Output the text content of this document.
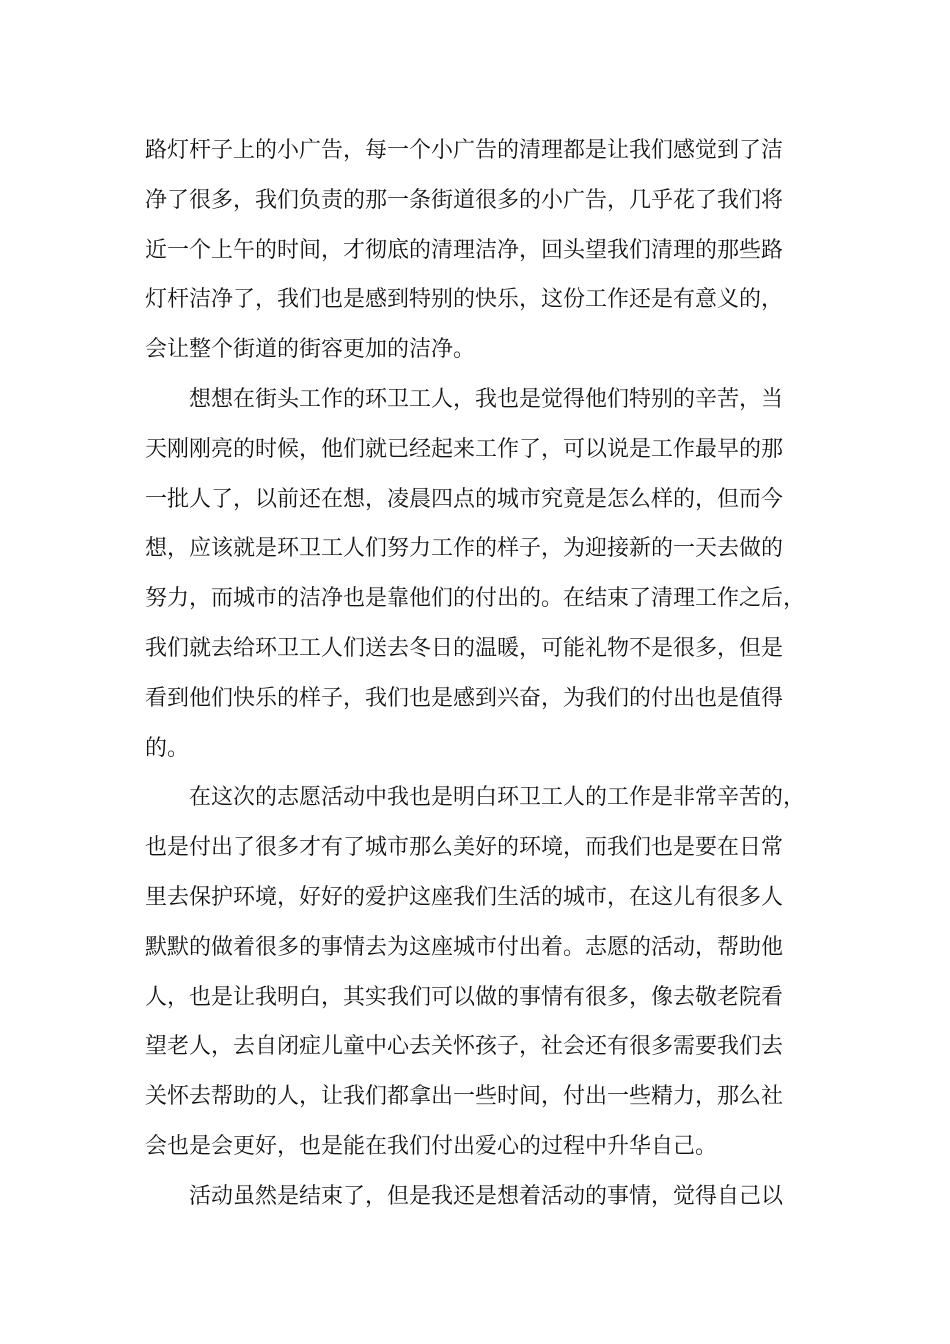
路灯杆子上的小广告，每一个小广告的清理都是让我们感觉到了洁
净了很多，我们负责的那一条街道很多的小广告，几乎花了我们将
近一个上午的时间，才彻底的清理洁净，回头望我们清理的那些路
灯杆洁净了，我们也是感到特别的快乐，这份工作还是有意义的，
会让整个街道的街容更加的洁净。
想想在街头工作的环卫工人，我也是觉得他们特别的辛苦，当
天刚刚亮的时候，他们就已经起来工作了，可以说是工作最早的那
一批人了，以前还在想，凌晨四点的城市究竟是怎么样的，但而今
想，应该就是环卫工人们努力工作的样子，为迎接新的一天去做的
努力，而城市的洁净也是靠他们的付出的。在结束了清理工作之后，
我们就去给环卫工人们送去冬日的温暖，可能礼物不是很多，但是
看到他们快乐的样子，我们也是感到兴奋，为我们的付出也是值得
的。
在这次的志愿活动中我也是明白环卫工人的工作是非常辛苦的，
也是付出了很多才有了城市那么美好的环境，而我们也是要在日常
里去保护环境，好好的爱护这座我们生活的城市，在这儿有很多人
默默的做着很多的事情去为这座城市付出着。志愿的活动，帮助他
人，也是让我明白，其实我们可以做的事情有很多，像去敬老院看
望老人，去自闭症儿童中心去关怀孩子，社会还有很多需要我们去
关怀去帮助的人，让我们都拿出一些时间，付出一些精力，那么社
会也是会更好，也是能在我们付出爱心的过程中升华自己。
活动虽然是结束了，但是我还是想着活动的事情，觉得自己以
